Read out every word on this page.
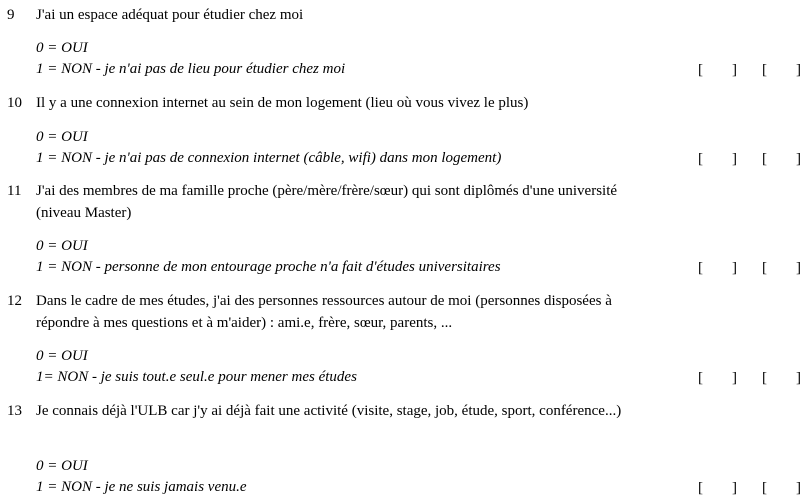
9 J'ai un espace adéquat pour étudier chez moi
0 = OUI
1 = NON - je n'ai pas de lieu pour étudier chez moi	[ ] [ ]
10 Il y a une connexion internet au sein de mon logement (lieu où vous vivez le plus)
0 = OUI
1 = NON - je n'ai pas de connexion internet (câble, wifi) dans mon logement)	[ ] [ ]
11 J'ai des membres de ma famille proche (père/mère/frère/sœur) qui sont diplômés d'une université (niveau Master)
0 = OUI
1 = NON - personne de mon entourage proche n'a fait d'études universitaires	[ ] [ ]
12 Dans le cadre de mes études, j'ai des personnes ressources autour de moi (personnes disposées à répondre à mes questions et à m'aider) : ami.e, frère, sœur, parents, ...
0 = OUI
1= NON - je suis tout.e seul.e pour mener mes études	[ ] [ ]
13 Je connais déjà l'ULB car j'y ai déjà fait une activité (visite, stage, job, étude, sport, conférence...)
0 = OUI
1 = NON - je ne suis jamais venu.e	[ ] [ ]
